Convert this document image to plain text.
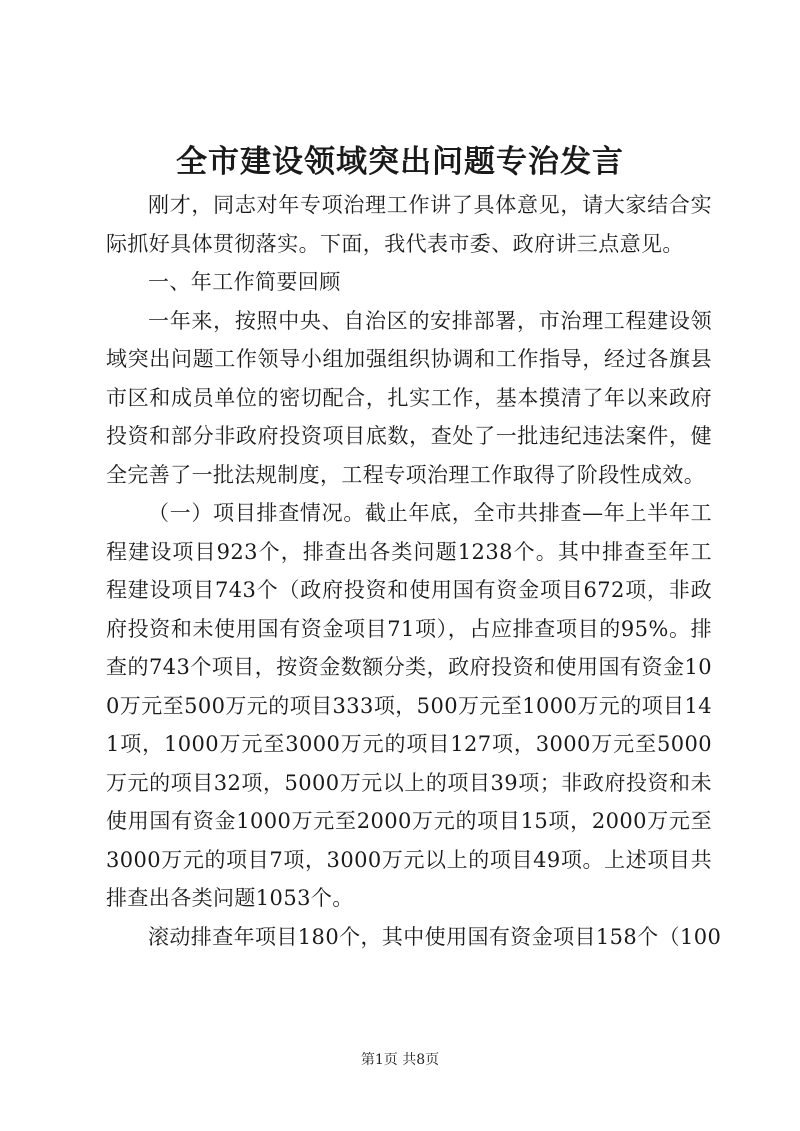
全市建设领域突出问题专治发言

刚才，同志对年专项治理工作讲了具体意见，请大家结合实际抓好具体贯彻落实。下面，我代表市委、政府讲三点意见。

一、年工作简要回顾

一年来，按照中央、自治区的安排部署，市治理工程建设领域突出问题工作领导小组加强组织协调和工作指导，经过各旗县市区和成员单位的密切配合，扎实工作，基本摸清了年以来政府投资和部分非政府投资项目底数，查处了一批违纪违法案件，健全完善了一批法规制度，工程专项治理工作取得了阶段性成效。

（一）项目排查情况。截止年底，全市共排查—年上半年工程建设项目923个，排查出各类问题1238个。其中排查至年工程建设项目743个（政府投资和使用国有资金项目672项，非政府投资和未使用国有资金项目71项），占应排查项目的95%。排查的743个项目，按资金数额分类，政府投资和使用国有资金100万元至500万元的项目333项，500万元至1000万元的项目141项，1000万元至3000万元的项目127项，3000万元至5000万元的项目32项，5000万元以上的项目39项；非政府投资和未使用国有资金1000万元至2000万元的项目15项，2000万元至3000万元的项目7项，3000万元以上的项目49项。上述项目共排查出各类问题1053个。

滚动排查年项目180个，其中使用国有资金项目158个（100

第1页 共8页
